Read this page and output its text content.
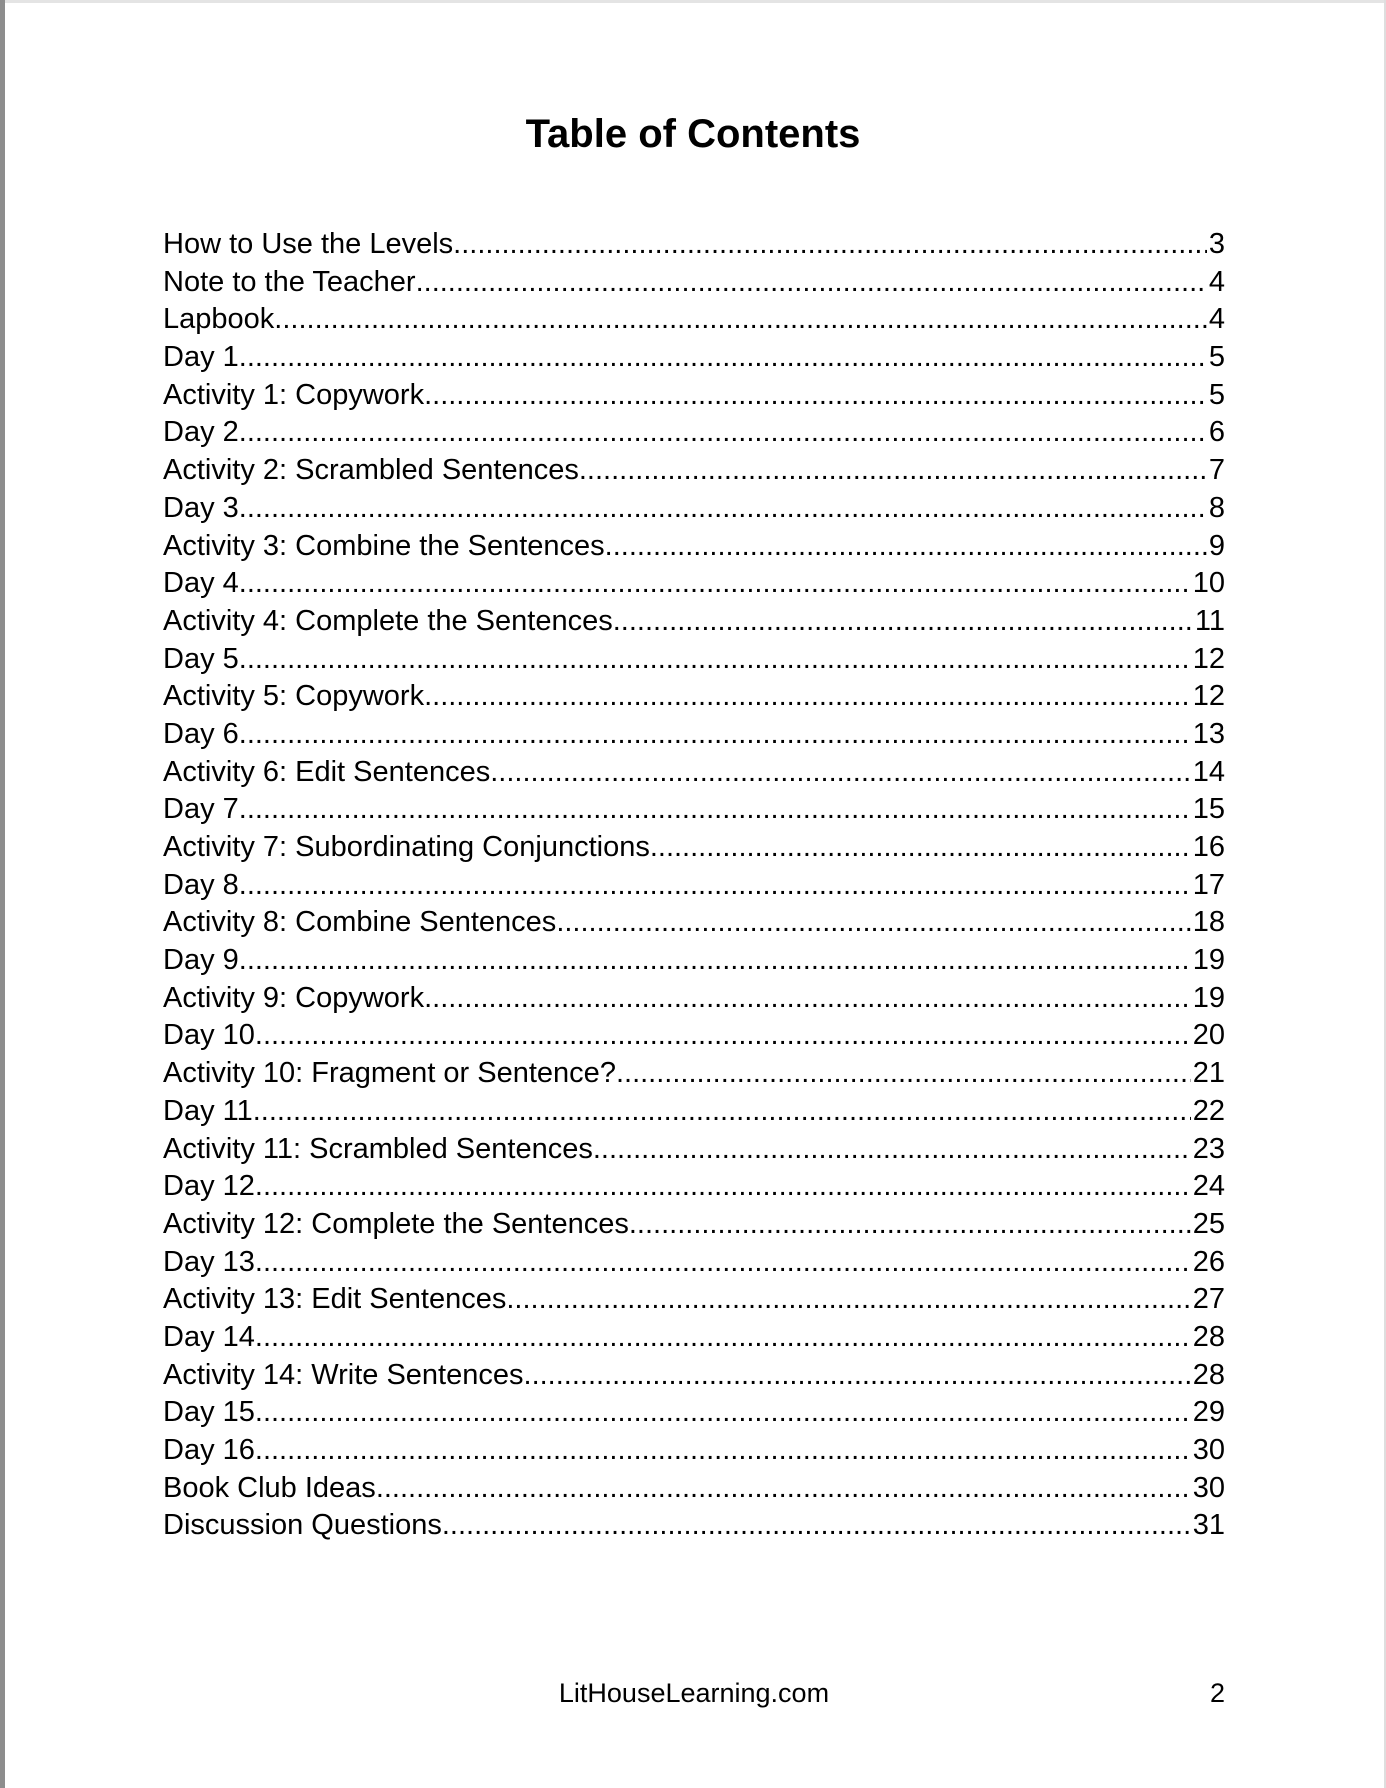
Table of Contents
How to Use the Levels .....	3
Note to the Teacher .....	4
Lapbook .....	4
Day 1 .....	5
Activity 1: Copywork .....	5
Day 2 .....	6
Activity 2: Scrambled Sentences .....	7
Day 3 .....	8
Activity 3: Combine the Sentences .....	9
Day 4 .....	10
Activity 4: Complete the Sentences .....	11
Day 5 .....	12
Activity 5: Copywork .....	12
Day 6 .....	13
Activity 6: Edit Sentences .....	14
Day 7 .....	15
Activity 7: Subordinating Conjunctions .....	16
Day 8 .....	17
Activity 8: Combine Sentences .....	18
Day 9 .....	19
Activity 9: Copywork .....	19
Day 10 .....	20
Activity 10: Fragment or Sentence? .....	21
Day 11 .....	22
Activity 11: Scrambled Sentences .....	23
Day 12 .....	24
Activity 12: Complete the Sentences .....	25
Day 13 .....	26
Activity 13: Edit Sentences .....	27
Day 14 .....	28
Activity 14: Write Sentences .....	28
Day 15 .....	29
Day 16 .....	30
Book Club Ideas .....	30
Discussion Questions .....	31
LitHouseLearning.com	2
